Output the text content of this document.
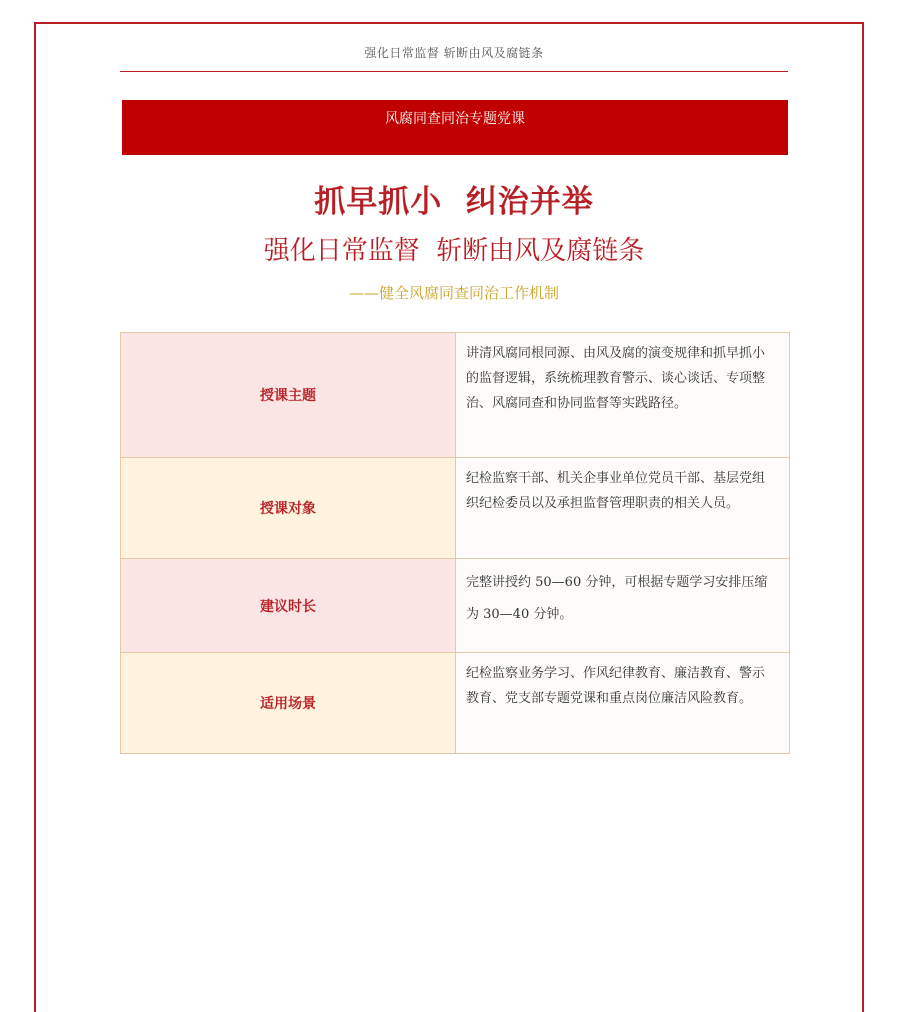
强化日常监督 斩断由风及腐链条
风腐同查同治专题党课
抓早抓小  纠治并举
强化日常监督  斩断由风及腐链条
——健全风腐同查同治工作机制
授课主题	讲清风腐同根同源、由风及腐的演变规律和抓早抓小的监督逻辑，系统梳理教育警示、谈心谈话、专项整治、风腐同查和协同监督等实践路径。
授课对象	纪检监察干部、机关企事业单位党员干部、基层党组织纪检委员以及承担监督管理职责的相关人员。
建议时长	完整讲授约 50—60 分钟，可根据专题学习安排压缩为 30—40 分钟。
适用场景	纪检监察业务学习、作风纪律教育、廉洁教育、警示教育、党支部专题党课和重点岗位廉洁风险教育。
